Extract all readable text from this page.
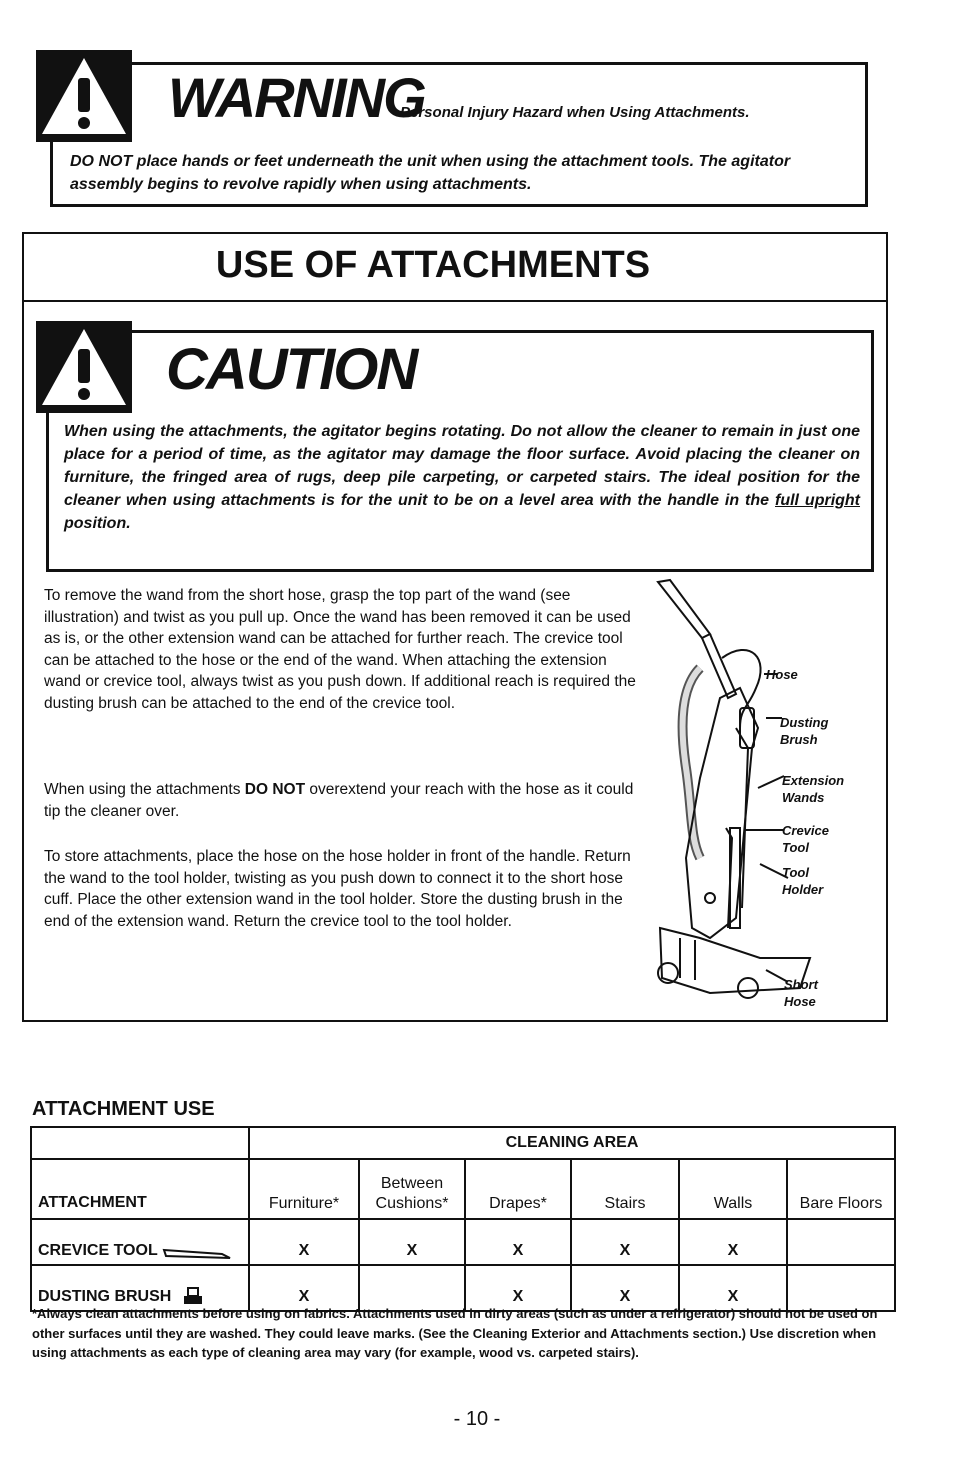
WARNING
Personal Injury Hazard when Using Attachments.
DO NOT place hands or feet underneath the unit when using the attachment tools. The agitator assembly begins to revolve rapidly when using attachments.
USE OF ATTACHMENTS
CAUTION
When using the attachments, the agitator begins rotating. Do not allow the cleaner to remain in just one place for a period of time, as the agitator may damage the floor surface. Avoid placing the cleaner on furniture, the fringed area of rugs, deep pile carpeting, or carpeted stairs. The ideal position for the cleaner when using attachments is for the unit to be on a level area with the handle in the full upright position.
To remove the wand from the short hose, grasp the top part of the wand (see illustration) and twist as you pull up. Once the wand has been removed it can be used as is, or the other extension wand can be attached for further reach. The crevice tool can be attached to the hose or the end of the wand. When attaching the extension wand or crevice tool, always twist as you push down. If additional reach is required the dusting brush can be attached to the end of the crevice tool.
When using the attachments DO NOT overextend your reach with the hose as it could tip the cleaner over.
To store attachments, place the hose on the hose holder in front of the handle. Return the wand to the tool holder, twisting as you push down to connect it to the short hose cuff. Place the other extension wand in the tool holder. Store the dusting brush in the end of the extension wand. Return the crevice tool to the tool holder.
Hose
Dusting Brush
Extension Wands
Crevice Tool
Tool Holder
Short Hose
ATTACHMENT USE
	CLEANING AREA					
ATTACHMENT	Furniture*	Between Cushions*	Drapes*	Stairs	Walls	Bare Floors
CREVICE TOOL	X	X	X	X	X	
DUSTING BRUSH	X		X	X	X	
*Always clean attachments before using on fabrics. Attachments used in dirty areas (such as under a refrigerator) should not be used on other surfaces until they are washed. They could leave marks. (See the Cleaning Exterior and Attachments section.) Use discretion when using attachments as each type of cleaning area may vary (for example, wood vs. carpeted stairs).
- 10 -
